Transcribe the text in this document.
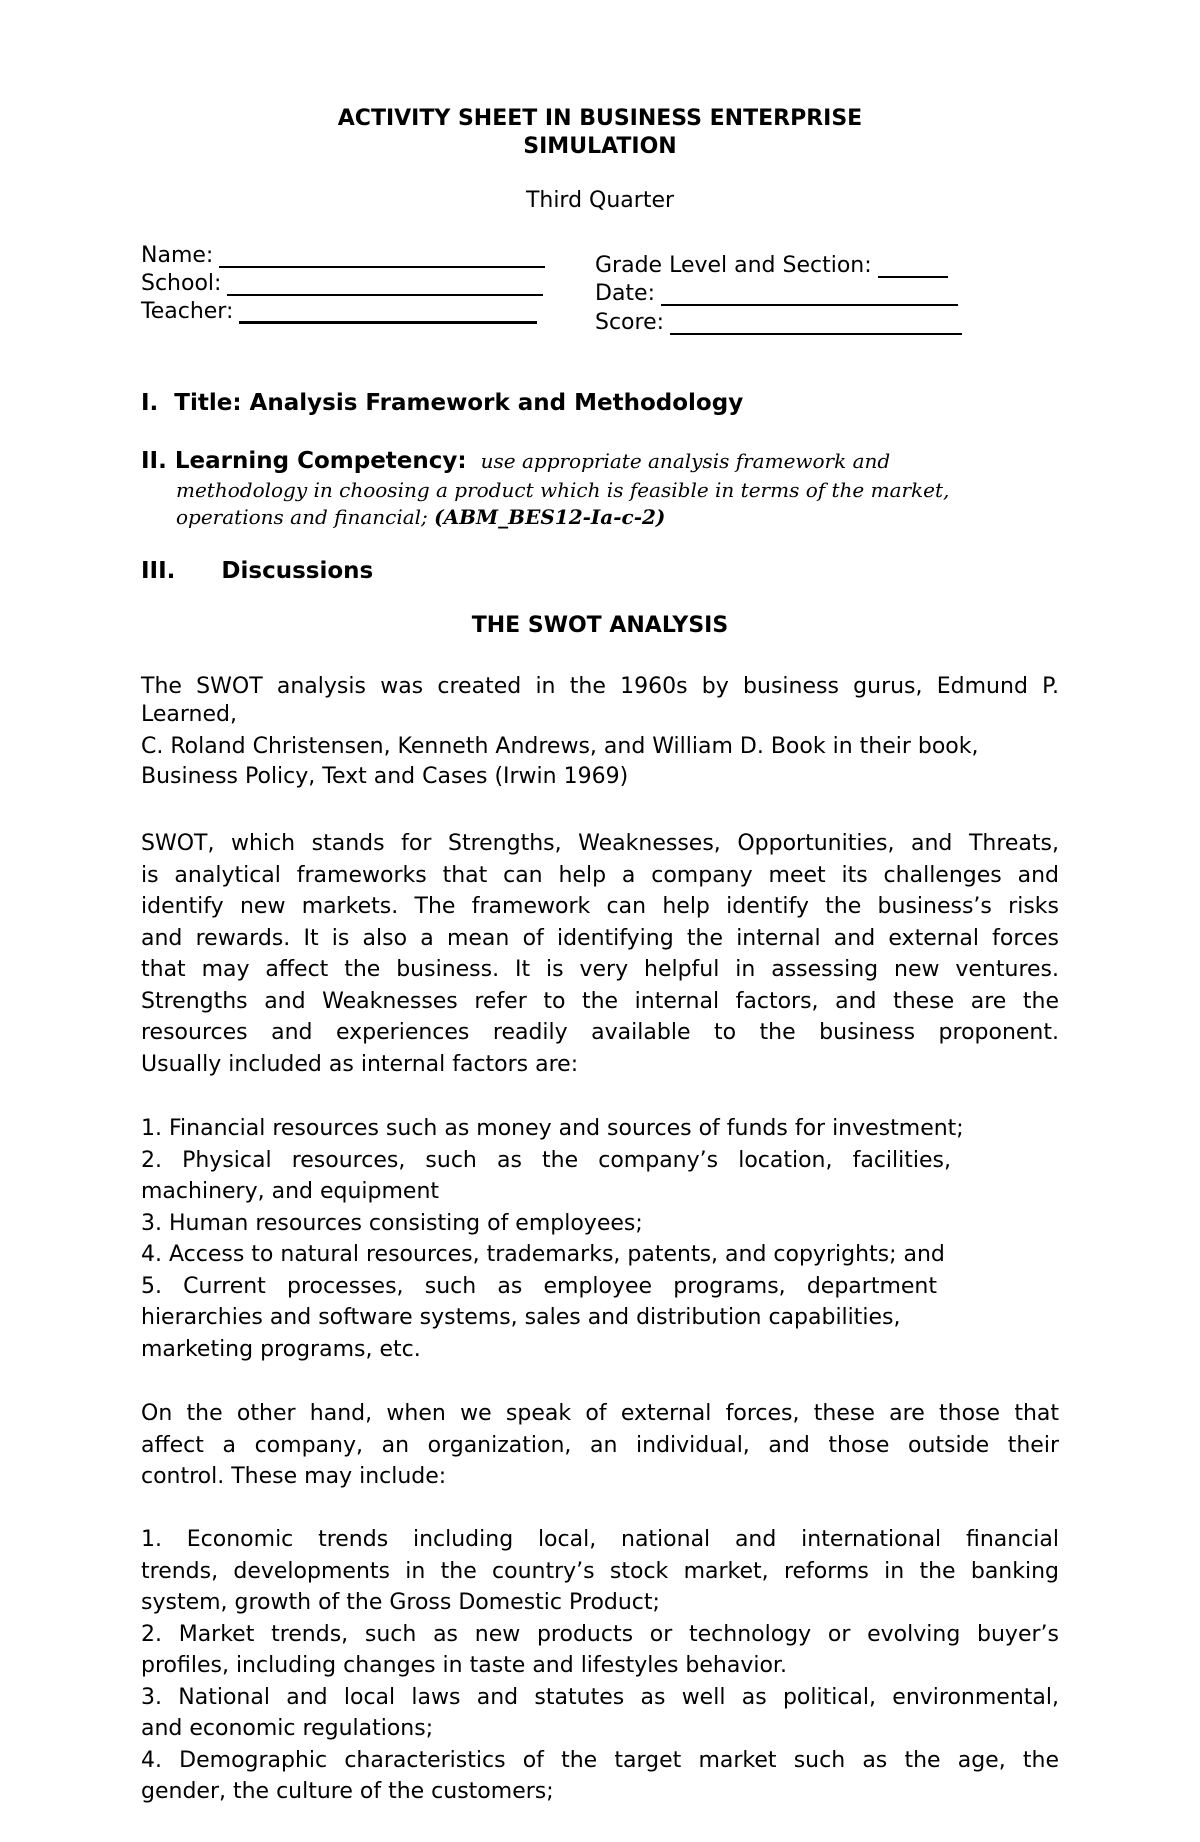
ACTIVITY SHEET IN BUSINESS ENTERPRISE
SIMULATION
Third Quarter
Name:
School:
Teacher:
Grade Level and Section:
Date:
Score:
I. Title: Analysis Framework and Methodology
II. Learning Competency: use appropriate analysis framework and
methodology in choosing a product which is feasible in terms of the market,
operations and financial; (ABM_BES12-Ia-c-2)
III. Discussions
THE SWOT ANALYSIS
The SWOT analysis was created in the 1960s by business gurus, Edmund P.
Learned,
C. Roland Christensen, Kenneth Andrews, and William D. Book in their book,
Business Policy, Text and Cases (Irwin 1969)
SWOT, which stands for Strengths, Weaknesses, Opportunities, and Threats,
is analytical frameworks that can help a company meet its challenges and
identify new markets. The framework can help identify the business’s risks
and rewards. It is also a mean of identifying the internal and external forces
that may affect the business. It is very helpful in assessing new ventures.
Strengths and Weaknesses refer to the internal factors, and these are the
resources and experiences readily available to the business proponent.
Usually included as internal factors are:
1. Financial resources such as money and sources of funds for investment;
2. Physical resources, such as the company’s location, facilities,
machinery, and equipment
3. Human resources consisting of employees;
4. Access to natural resources, trademarks, patents, and copyrights; and
5. Current processes, such as employee programs, department
hierarchies and software systems, sales and distribution capabilities,
marketing programs, etc.
On the other hand, when we speak of external forces, these are those that
affect a company, an organization, an individual, and those outside their
control. These may include:
1. Economic trends including local, national and international financial
trends, developments in the country’s stock market, reforms in the banking
system, growth of the Gross Domestic Product;
2. Market trends, such as new products or technology or evolving buyer’s
profiles, including changes in taste and lifestyles behavior.
3. National and local laws and statutes as well as political, environmental,
and economic regulations;
4. Demographic characteristics of the target market such as the age, the
gender, the culture of the customers;
